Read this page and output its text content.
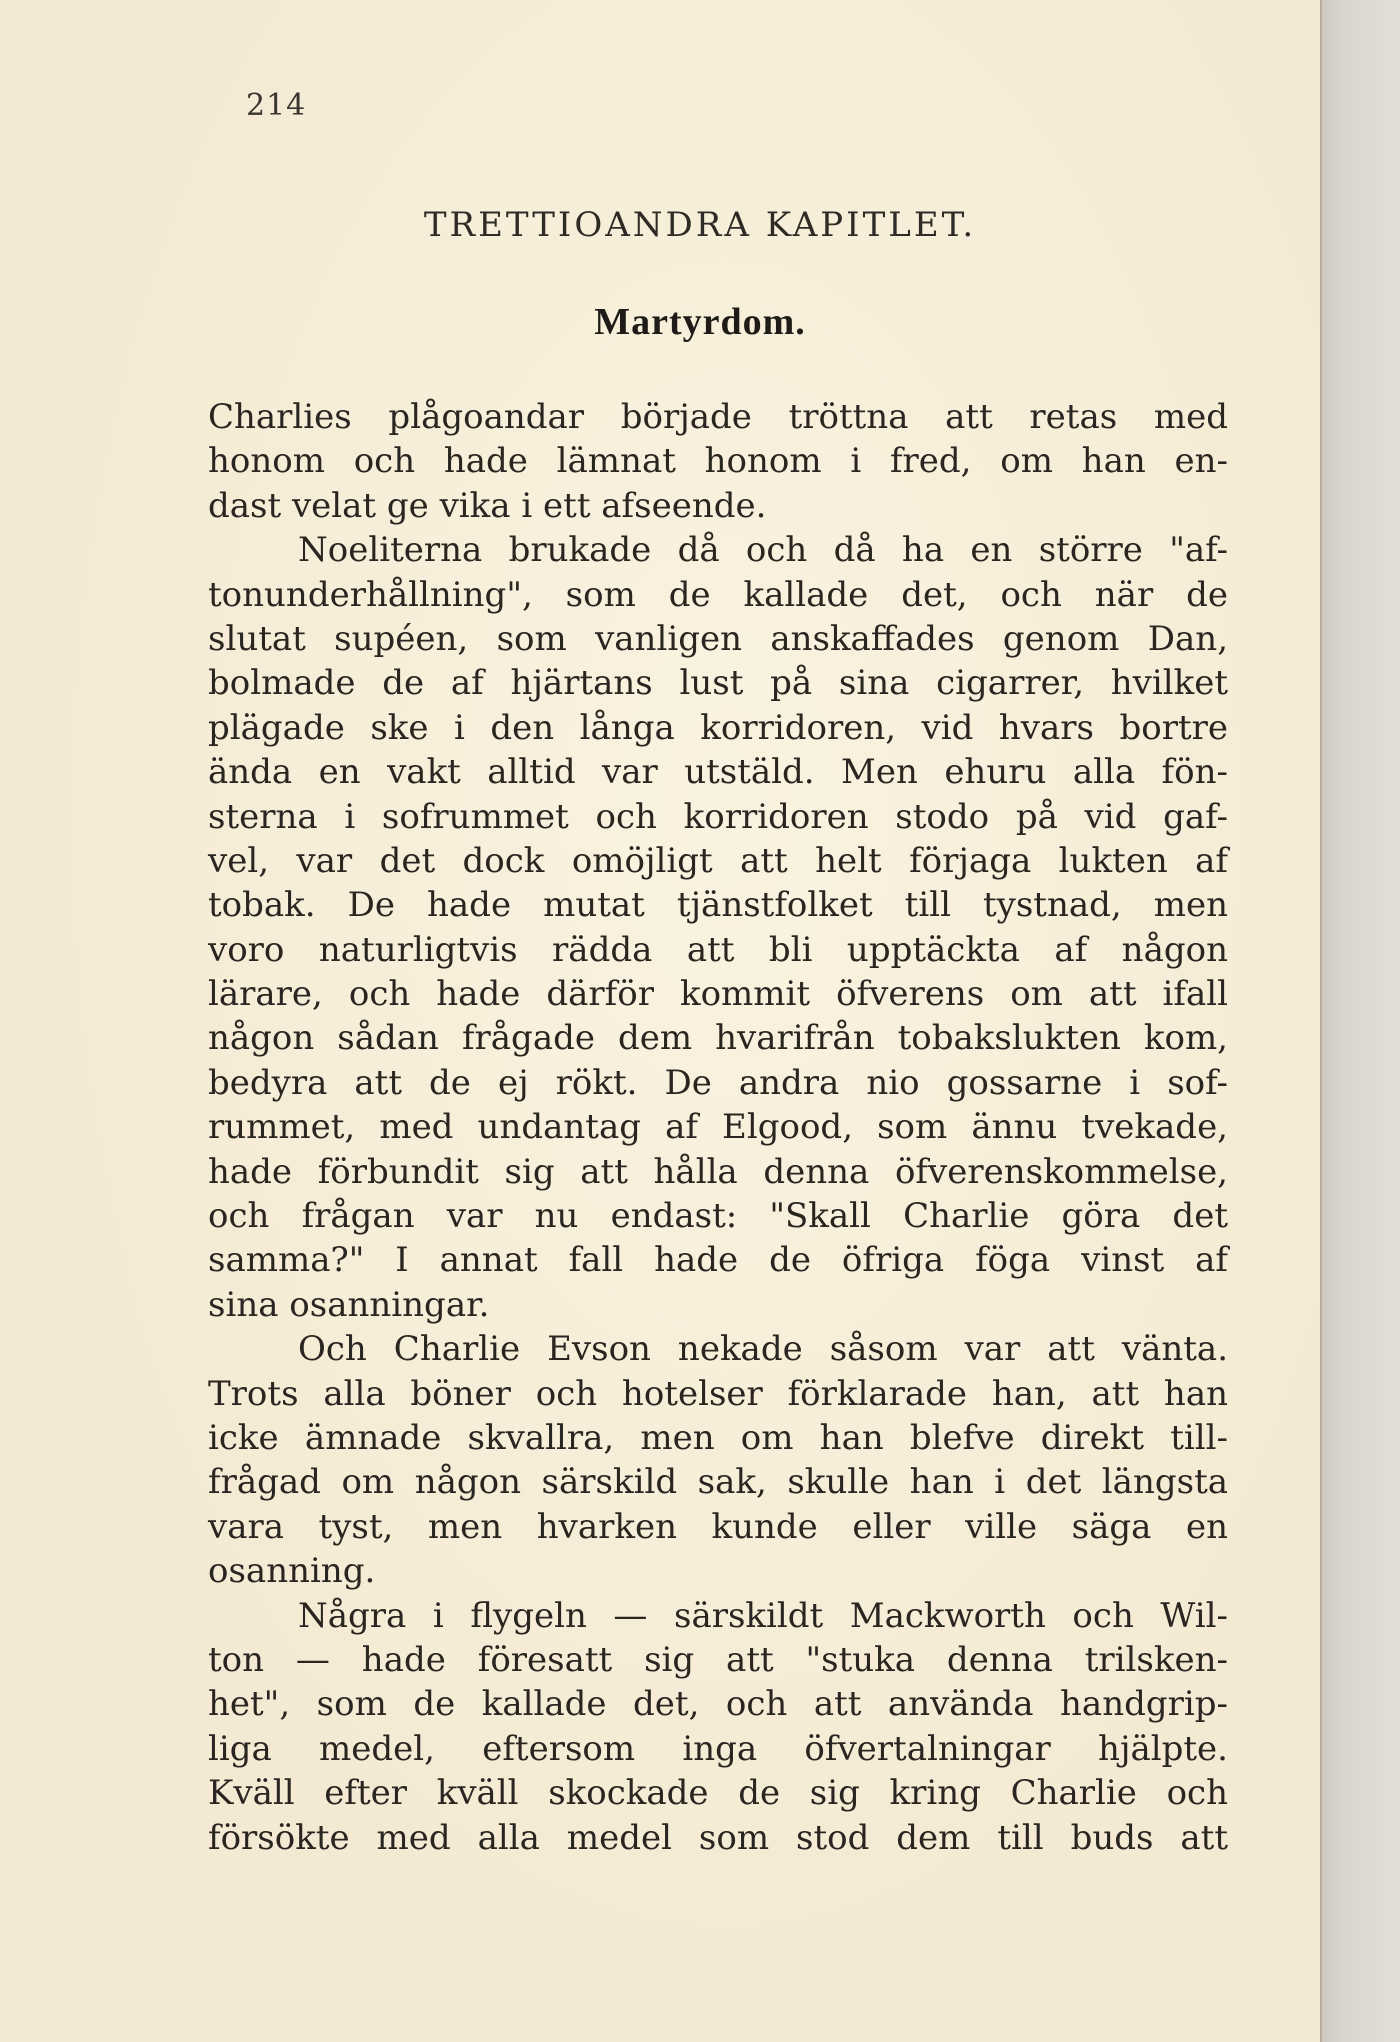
214
TRETTIOANDRA KAPITLET.
Martyrdom.
Charlies plågoandar började tröttna att retas med
honom och hade lämnat honom i fred, om han en-
dast velat ge vika i ett afseende.
Noeliterna brukade då och då ha en större "af-
tonunderhållning", som de kallade det, och när de
slutat supéen, som vanligen anskaffades genom Dan,
bolmade de af hjärtans lust på sina cigarrer, hvilket
plägade ske i den långa korridoren, vid hvars bortre
ända en vakt alltid var utstäld. Men ehuru alla fön-
sterna i sofrummet och korridoren stodo på vid gaf-
vel, var det dock omöjligt att helt förjaga lukten af
tobak. De hade mutat tjänstfolket till tystnad, men
voro naturligtvis rädda att bli upptäckta af någon
lärare, och hade därför kommit öfverens om att ifall
någon sådan frågade dem hvarifrån tobakslukten kom,
bedyra att de ej rökt. De andra nio gossarne i sof-
rummet, med undantag af Elgood, som ännu tvekade,
hade förbundit sig att hålla denna öfverenskommelse,
och frågan var nu endast: "Skall Charlie göra det
samma?" I annat fall hade de öfriga föga vinst af
sina osanningar.
Och Charlie Evson nekade såsom var att vänta.
Trots alla böner och hotelser förklarade han, att han
icke ämnade skvallra, men om han blefve direkt till-
frågad om någon särskild sak, skulle han i det längsta
vara tyst, men hvarken kunde eller ville säga en
osanning.
Några i flygeln — särskildt Mackworth och Wil-
ton — hade föresatt sig att "stuka denna trilsken-
het", som de kallade det, och att använda handgrip-
liga medel, eftersom inga öfvertalningar hjälpte.
Kväll efter kväll skockade de sig kring Charlie och
försökte med alla medel som stod dem till buds att
